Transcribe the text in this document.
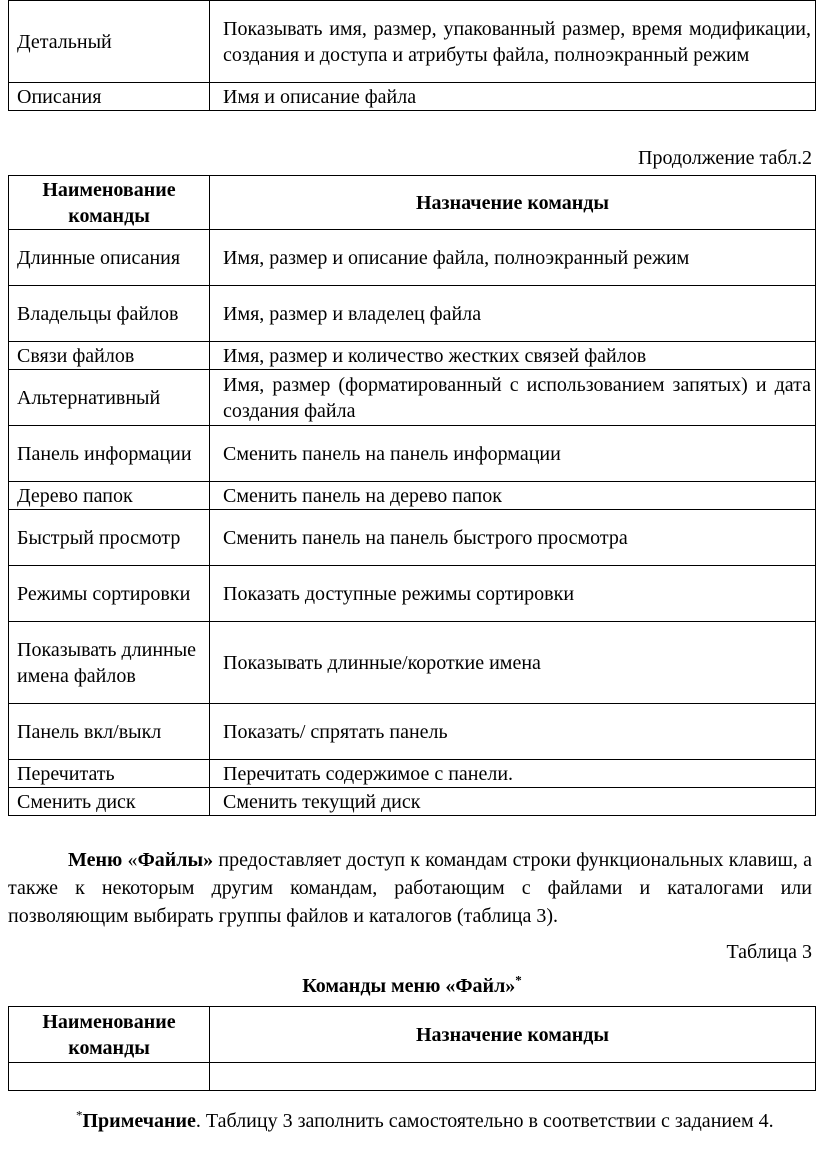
Детальный	Показывать имя, размер, упакованный размер, время модификации, создания и доступа и атрибуты файла, полноэкранный режим
Описания	Имя и описание файла
Продолжение табл.2
Наименование команды	Назначение команды
Длинные описания	Имя, размер и описание файла, полноэкранный режим
Владельцы файлов	Имя, размер и владелец файла
Связи файлов	Имя, размер и количество жестких связей файлов
Альтернативный	Имя, размер (форматированный с использованием запятых) и дата создания файла
Панель информации	Сменить панель на панель информации
Дерево папок	Сменить панель на дерево папок
Быстрый просмотр	Сменить панель на панель быстрого просмотра
Режимы сортировки	Показать доступные режимы сортировки
Показывать длинные имена файлов	Показывать длинные/короткие имена
Панель вкл/выкл	Показать/ спрятать панель
Перечитать	Перечитать содержимое с панели.
Сменить диск	Сменить текущий диск

Меню «Файлы» предоставляет доступ к командам строки функциональных клавиш, а также к некоторым другим командам, работающим с файлами и каталогами или позволяющим выбирать группы файлов и каталогов (таблица 3).

Таблица 3
Команды меню «Файл»*
Наименование команды	Назначение команды

*Примечание. Таблицу 3 заполнить самостоятельно в соответствии с заданием 4.
